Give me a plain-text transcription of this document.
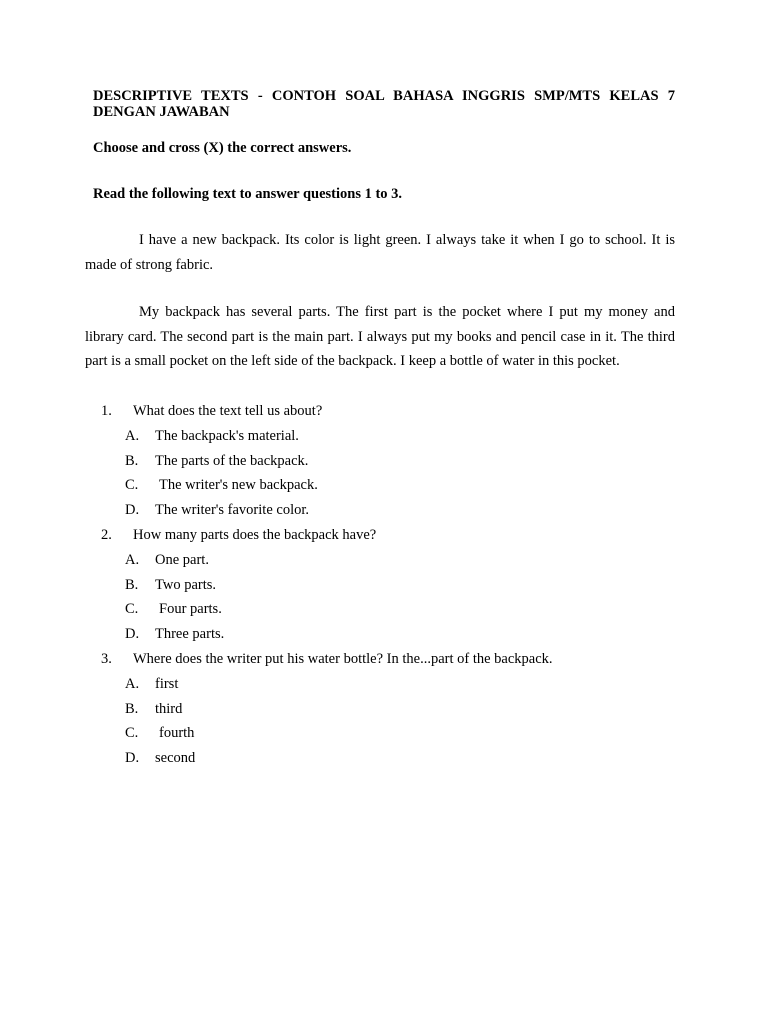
DESCRIPTIVE TEXTS - CONTOH SOAL BAHASA INGGRIS SMP/MTS KELAS 7 DENGAN JAWABAN

Choose and cross (X) the correct answers.

Read the following text to answer questions 1 to 3.

I have a new backpack. Its color is light green. I always take it when I go to school. It is made of strong fabric.

My backpack has several parts. The first part is the pocket where I put my money and library card. The second part is the main part. I always put my books and pencil case in it. The third part is a small pocket on the left side of the backpack. I keep a bottle of water in this pocket.

1.	What does the text tell us about?
A. The backpack's material.
B. The parts of the backpack.
C. The writer's new backpack.
D. The writer's favorite color.
2.	How many parts does the backpack have?
A. One part.
B. Two parts.
C. Four parts.
D. Three parts.
3.	Where does the writer put his water bottle? In the...part of the backpack.
A. first
B. third
C. fourth
D. second
